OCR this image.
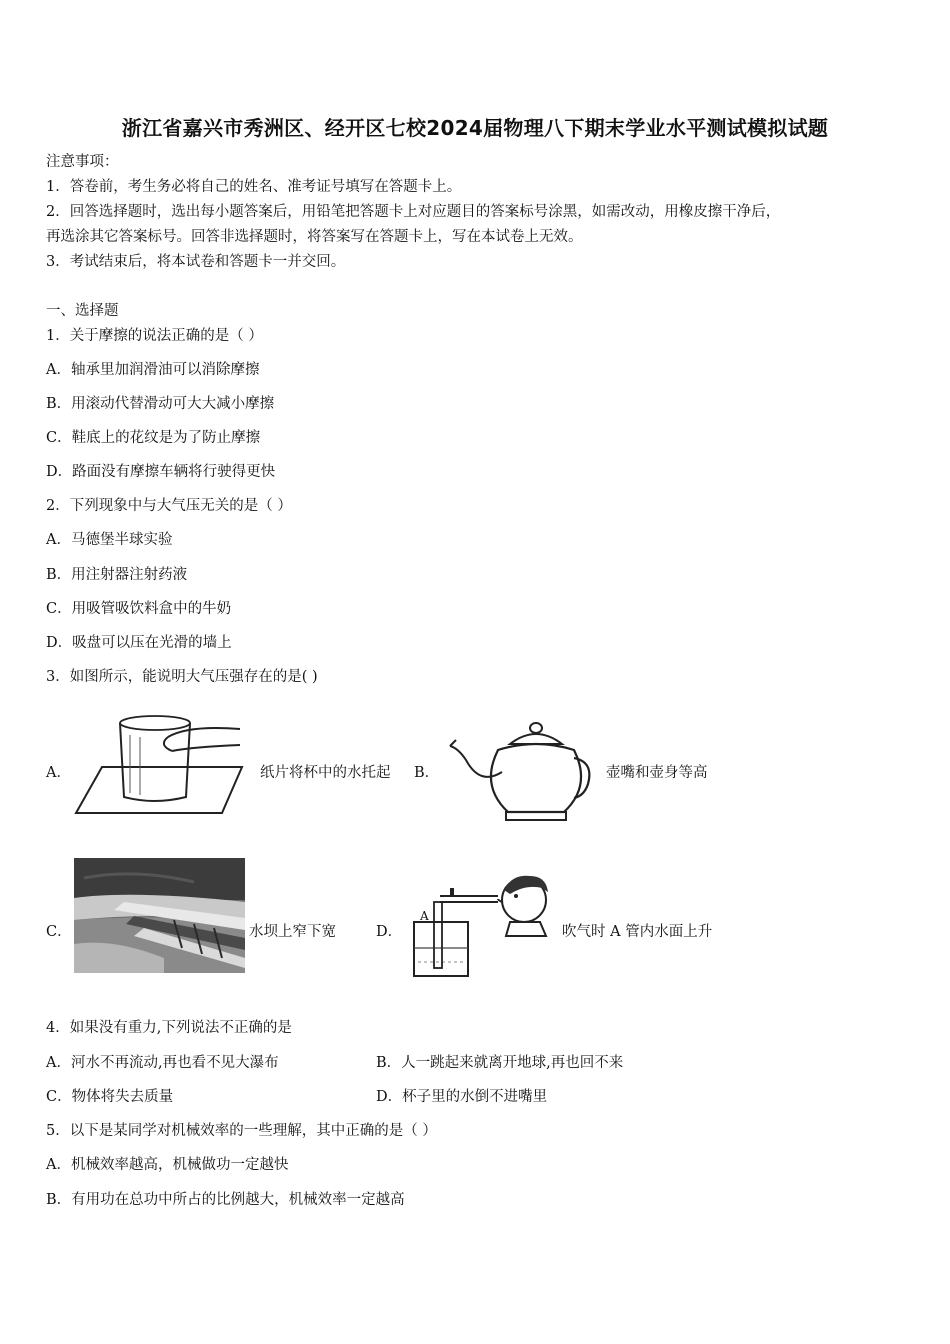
浙江省嘉兴市秀洲区、经开区七校2024届物理八下期末学业水平测试模拟试题
注意事项：
1．答卷前，考生务必将自己的姓名、准考证号填写在答题卡上。
2．回答选择题时，选出每小题答案后，用铅笔把答题卡上对应题目的答案标号涂黑，如需改动，用橡皮擦干净后，
再选涂其它答案标号。回答非选择题时，将答案写在答题卡上，写在本试卷上无效。
3．考试结束后，将本试卷和答题卡一并交回。
一、选择题
1．关于摩擦的说法正确的是（ ）
A．轴承里加润滑油可以消除摩擦
B．用滚动代替滑动可大大减小摩擦
C．鞋底上的花纹是为了防止摩擦
D．路面没有摩擦车辆将行驶得更快
2．下列现象中与大气压无关的是（ ）
A．马德堡半球实验
B．用注射器注射药液
C．用吸管吸饮料盒中的牛奶
D．吸盘可以压在光滑的墙上
3．如图所示，能说明大气压强存在的是( )
A．	纸片将杯中的水托起 B．	壶嘴和壶身等高
C．	水坝上窄下宽	D．
A
吹气时 A 管内水面上升
4．如果没有重力,下列说法不正确的是
A．河水不再流动,再也看不见大瀑布	B．人一跳起来就离开地球,再也回不来
C．物体将失去质量	D．杯子里的水倒不进嘴里
5．以下是某同学对机械效率的一些理解，其中正确的是（ ）
A．机械效率越高，机械做功一定越快
B．有用功在总功中所占的比例越大，机械效率一定越高
